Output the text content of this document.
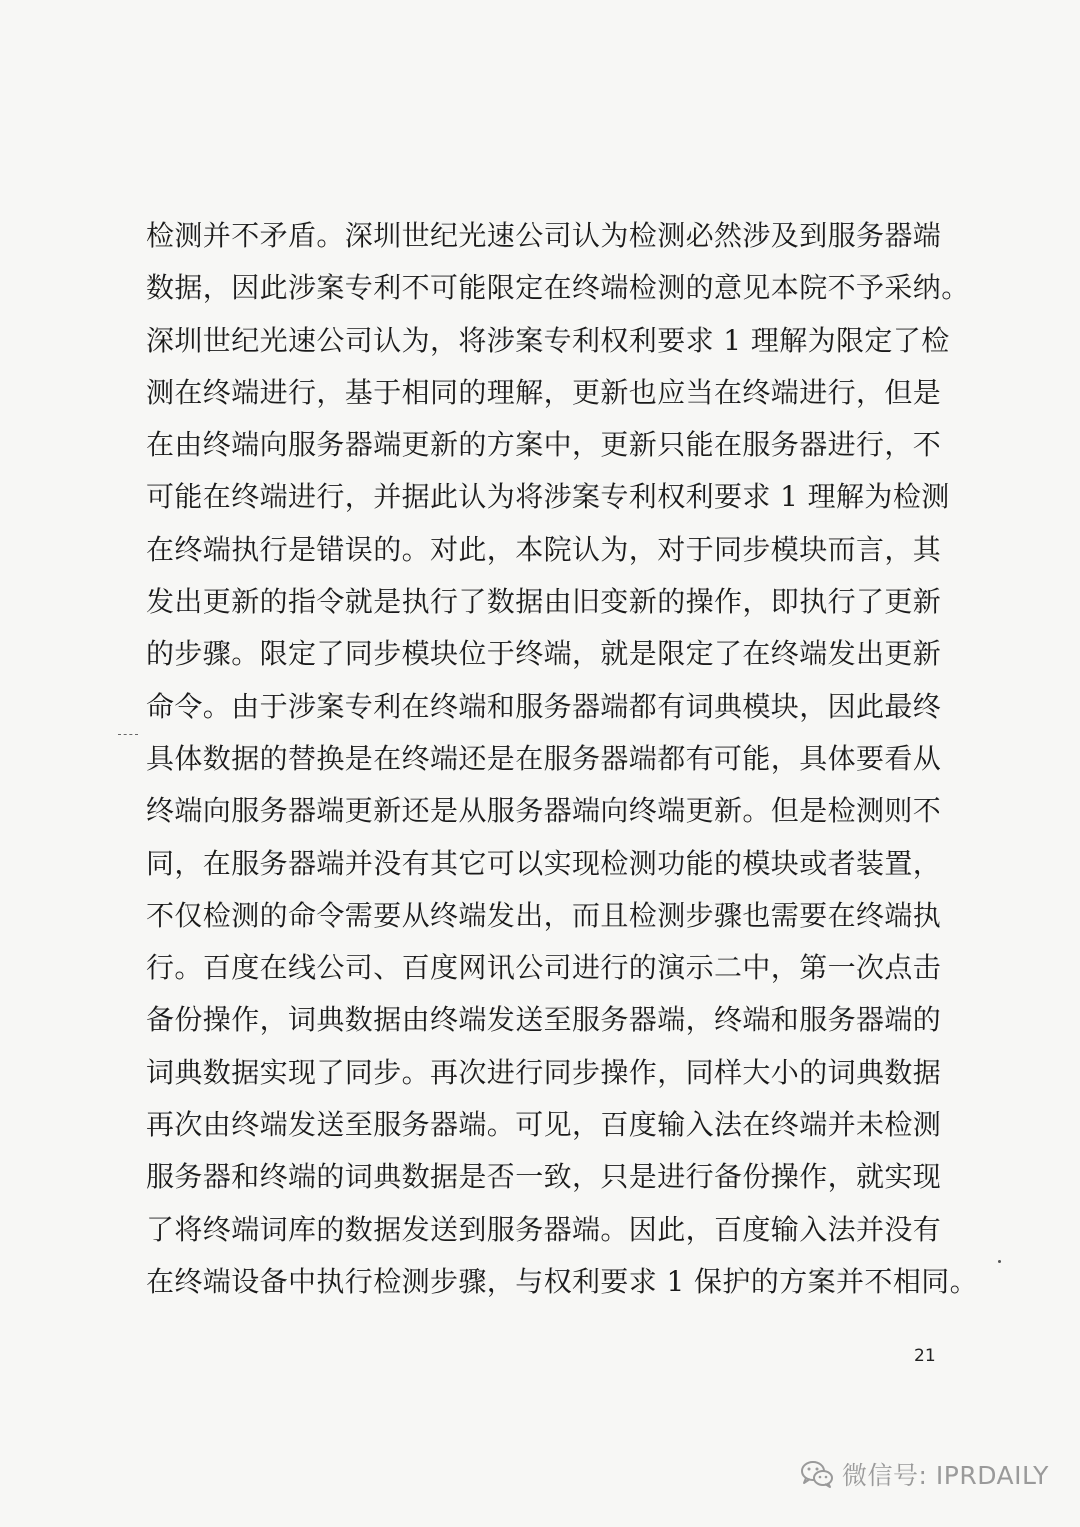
检测并不矛盾。深圳世纪光速公司认为检测必然涉及到服务器端
数据，因此涉案专利不可能限定在终端检测的意见本院不予采纳。
深圳世纪光速公司认为，将涉案专利权利要求 1 理解为限定了检
测在终端进行，基于相同的理解，更新也应当在终端进行，但是
在由终端向服务器端更新的方案中，更新只能在服务器进行，不
可能在终端进行，并据此认为将涉案专利权利要求 1 理解为检测
在终端执行是错误的。对此，本院认为，对于同步模块而言，其
发出更新的指令就是执行了数据由旧变新的操作，即执行了更新
的步骤。限定了同步模块位于终端，就是限定了在终端发出更新
命令。由于涉案专利在终端和服务器端都有词典模块，因此最终
具体数据的替换是在终端还是在服务器端都有可能，具体要看从
终端向服务器端更新还是从服务器端向终端更新。但是检测则不
同，在服务器端并没有其它可以实现检测功能的模块或者装置，
不仅检测的命令需要从终端发出，而且检测步骤也需要在终端执
行。百度在线公司、百度网讯公司进行的演示二中，第一次点击
备份操作，词典数据由终端发送至服务器端，终端和服务器端的
词典数据实现了同步。再次进行同步操作，同样大小的词典数据
再次由终端发送至服务器端。可见，百度输入法在终端并未检测
服务器和终端的词典数据是否一致，只是进行备份操作，就实现
了将终端词库的数据发送到服务器端。因此，百度输入法并没有
在终端设备中执行检测步骤，与权利要求 1 保护的方案并不相同。
21
微信号: IPRDAILY
